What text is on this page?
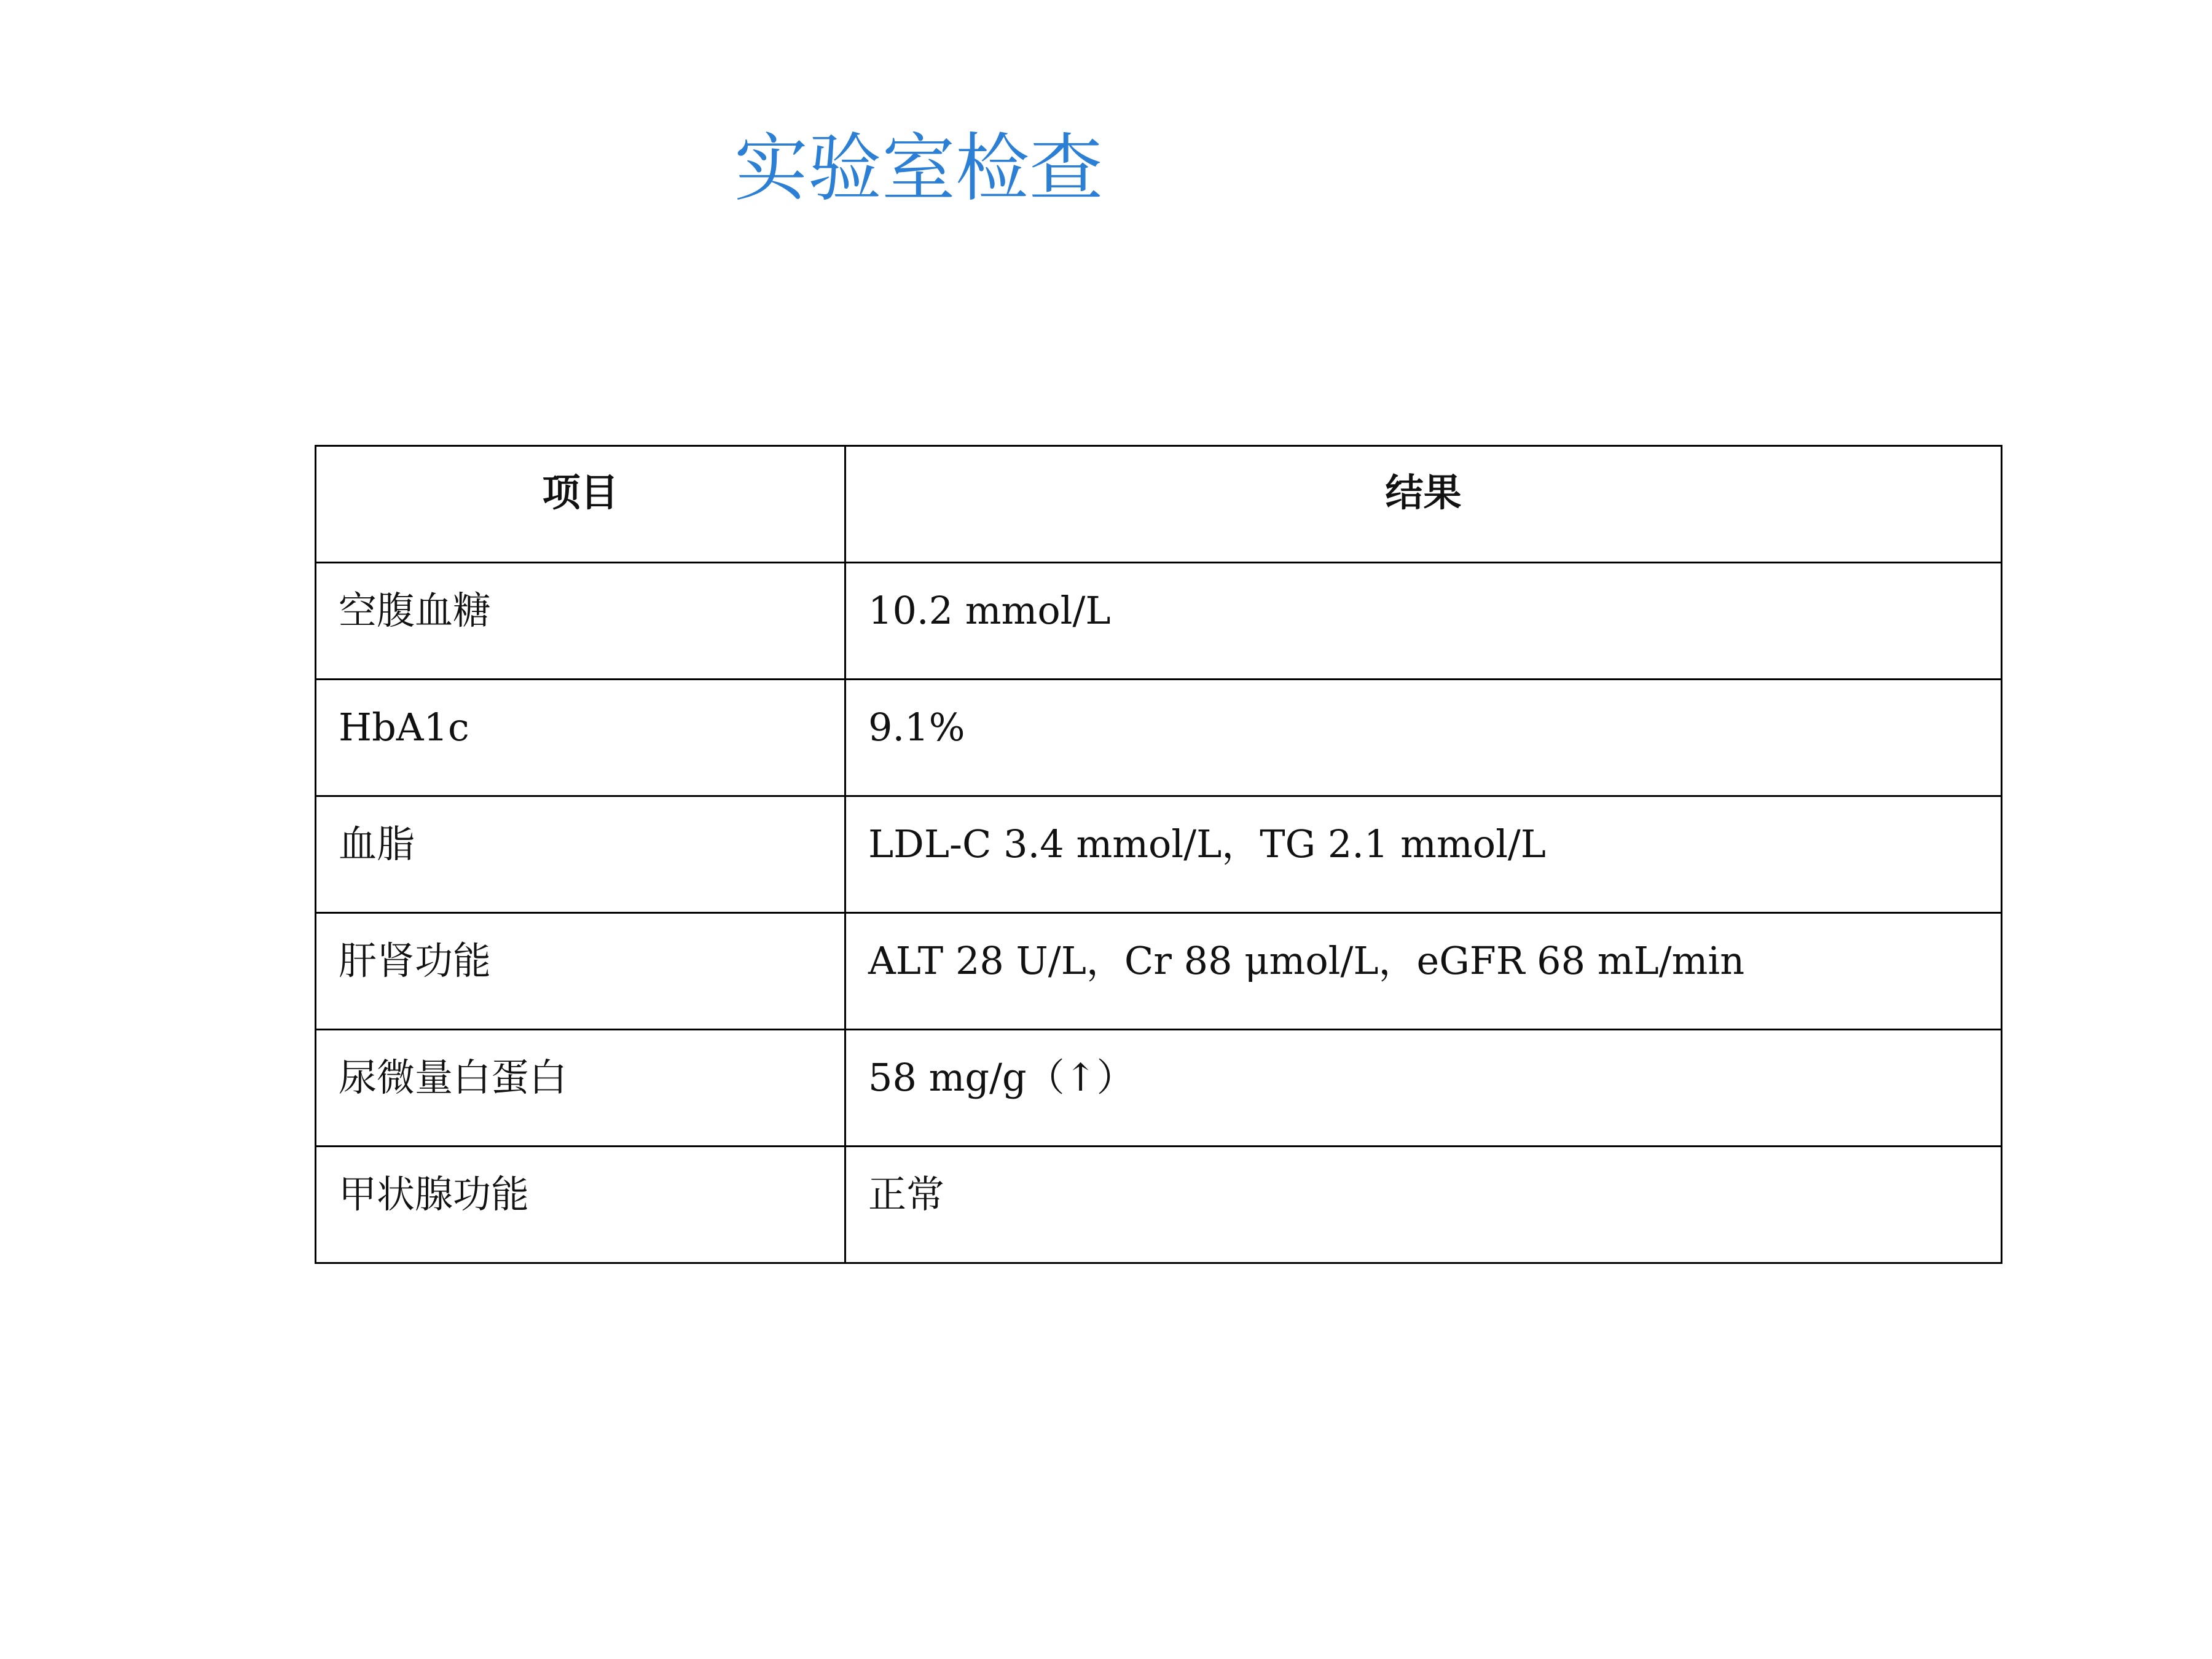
实验室检查
项目	结果
空腹血糖	10.2 mmol/L
HbA1c	9.1%
血脂	LDL-C 3.4 mmol/L，TG 2.1 mmol/L
肝肾功能	ALT 28 U/L，Cr 88 μmol/L，eGFR 68 mL/min
尿微量白蛋白	58 mg/g（↑）
甲状腺功能	正常
